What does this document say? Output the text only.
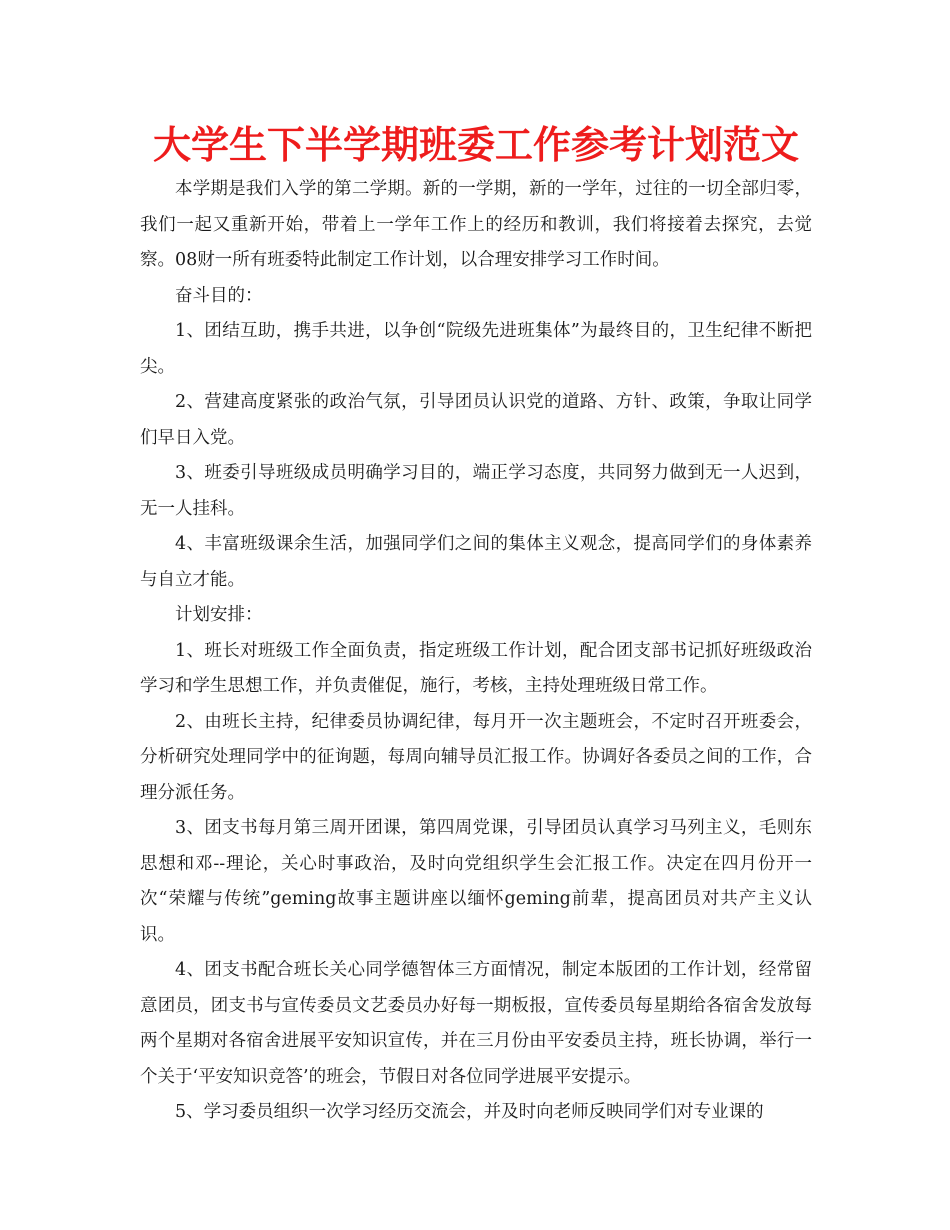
大学生下半学期班委工作参考计划范文

本学期是我们入学的第二学期。新的一学期，新的一学年，过往的一切全部归零，我们一起又重新开始，带着上一学年工作上的经历和教训，我们将接着去探究，去觉察。08财一所有班委特此制定工作计划，以合理安排学习工作时间。

奋斗目的：

1、团结互助，携手共进，以争创“院级先进班集体”为最终目的，卫生纪律不断把尖。

2、营建高度紧张的政治气氛，引导团员认识党的道路、方针、政策，争取让同学们早日入党。

3、班委引导班级成员明确学习目的，端正学习态度，共同努力做到无一人迟到，无一人挂科。

4、丰富班级课余生活，加强同学们之间的集体主义观念，提高同学们的身体素养与自立才能。

计划安排：

1、班长对班级工作全面负责，指定班级工作计划，配合团支部书记抓好班级政治学习和学生思想工作，并负责催促，施行，考核，主持处理班级日常工作。

2、由班长主持，纪律委员协调纪律，每月开一次主题班会，不定时召开班委会，分析研究处理同学中的征询题，每周向辅导员汇报工作。协调好各委员之间的工作，合理分派任务。

3、团支书每月第三周开团课，第四周党课，引导团员认真学习马列主义，毛则东思想和邓--理论，关心时事政治，及时向党组织学生会汇报工作。决定在四月份开一次“荣耀与传统”geming故事主题讲座以缅怀geming前辈，提高团员对共产主义认识。

4、团支书配合班长关心同学德智体三方面情况，制定本版团的工作计划，经常留意团员，团支书与宣传委员文艺委员办好每一期板报，宣传委员每星期给各宿舍发放每两个星期对各宿舍进展平安知识宣传，并在三月份由平安委员主持，班长协调，举行一个关于‘平安知识竞答’的班会，节假日对各位同学进展平安提示。

5、学习委员组织一次学习经历交流会，并及时向老师反映同学们对专业课的
